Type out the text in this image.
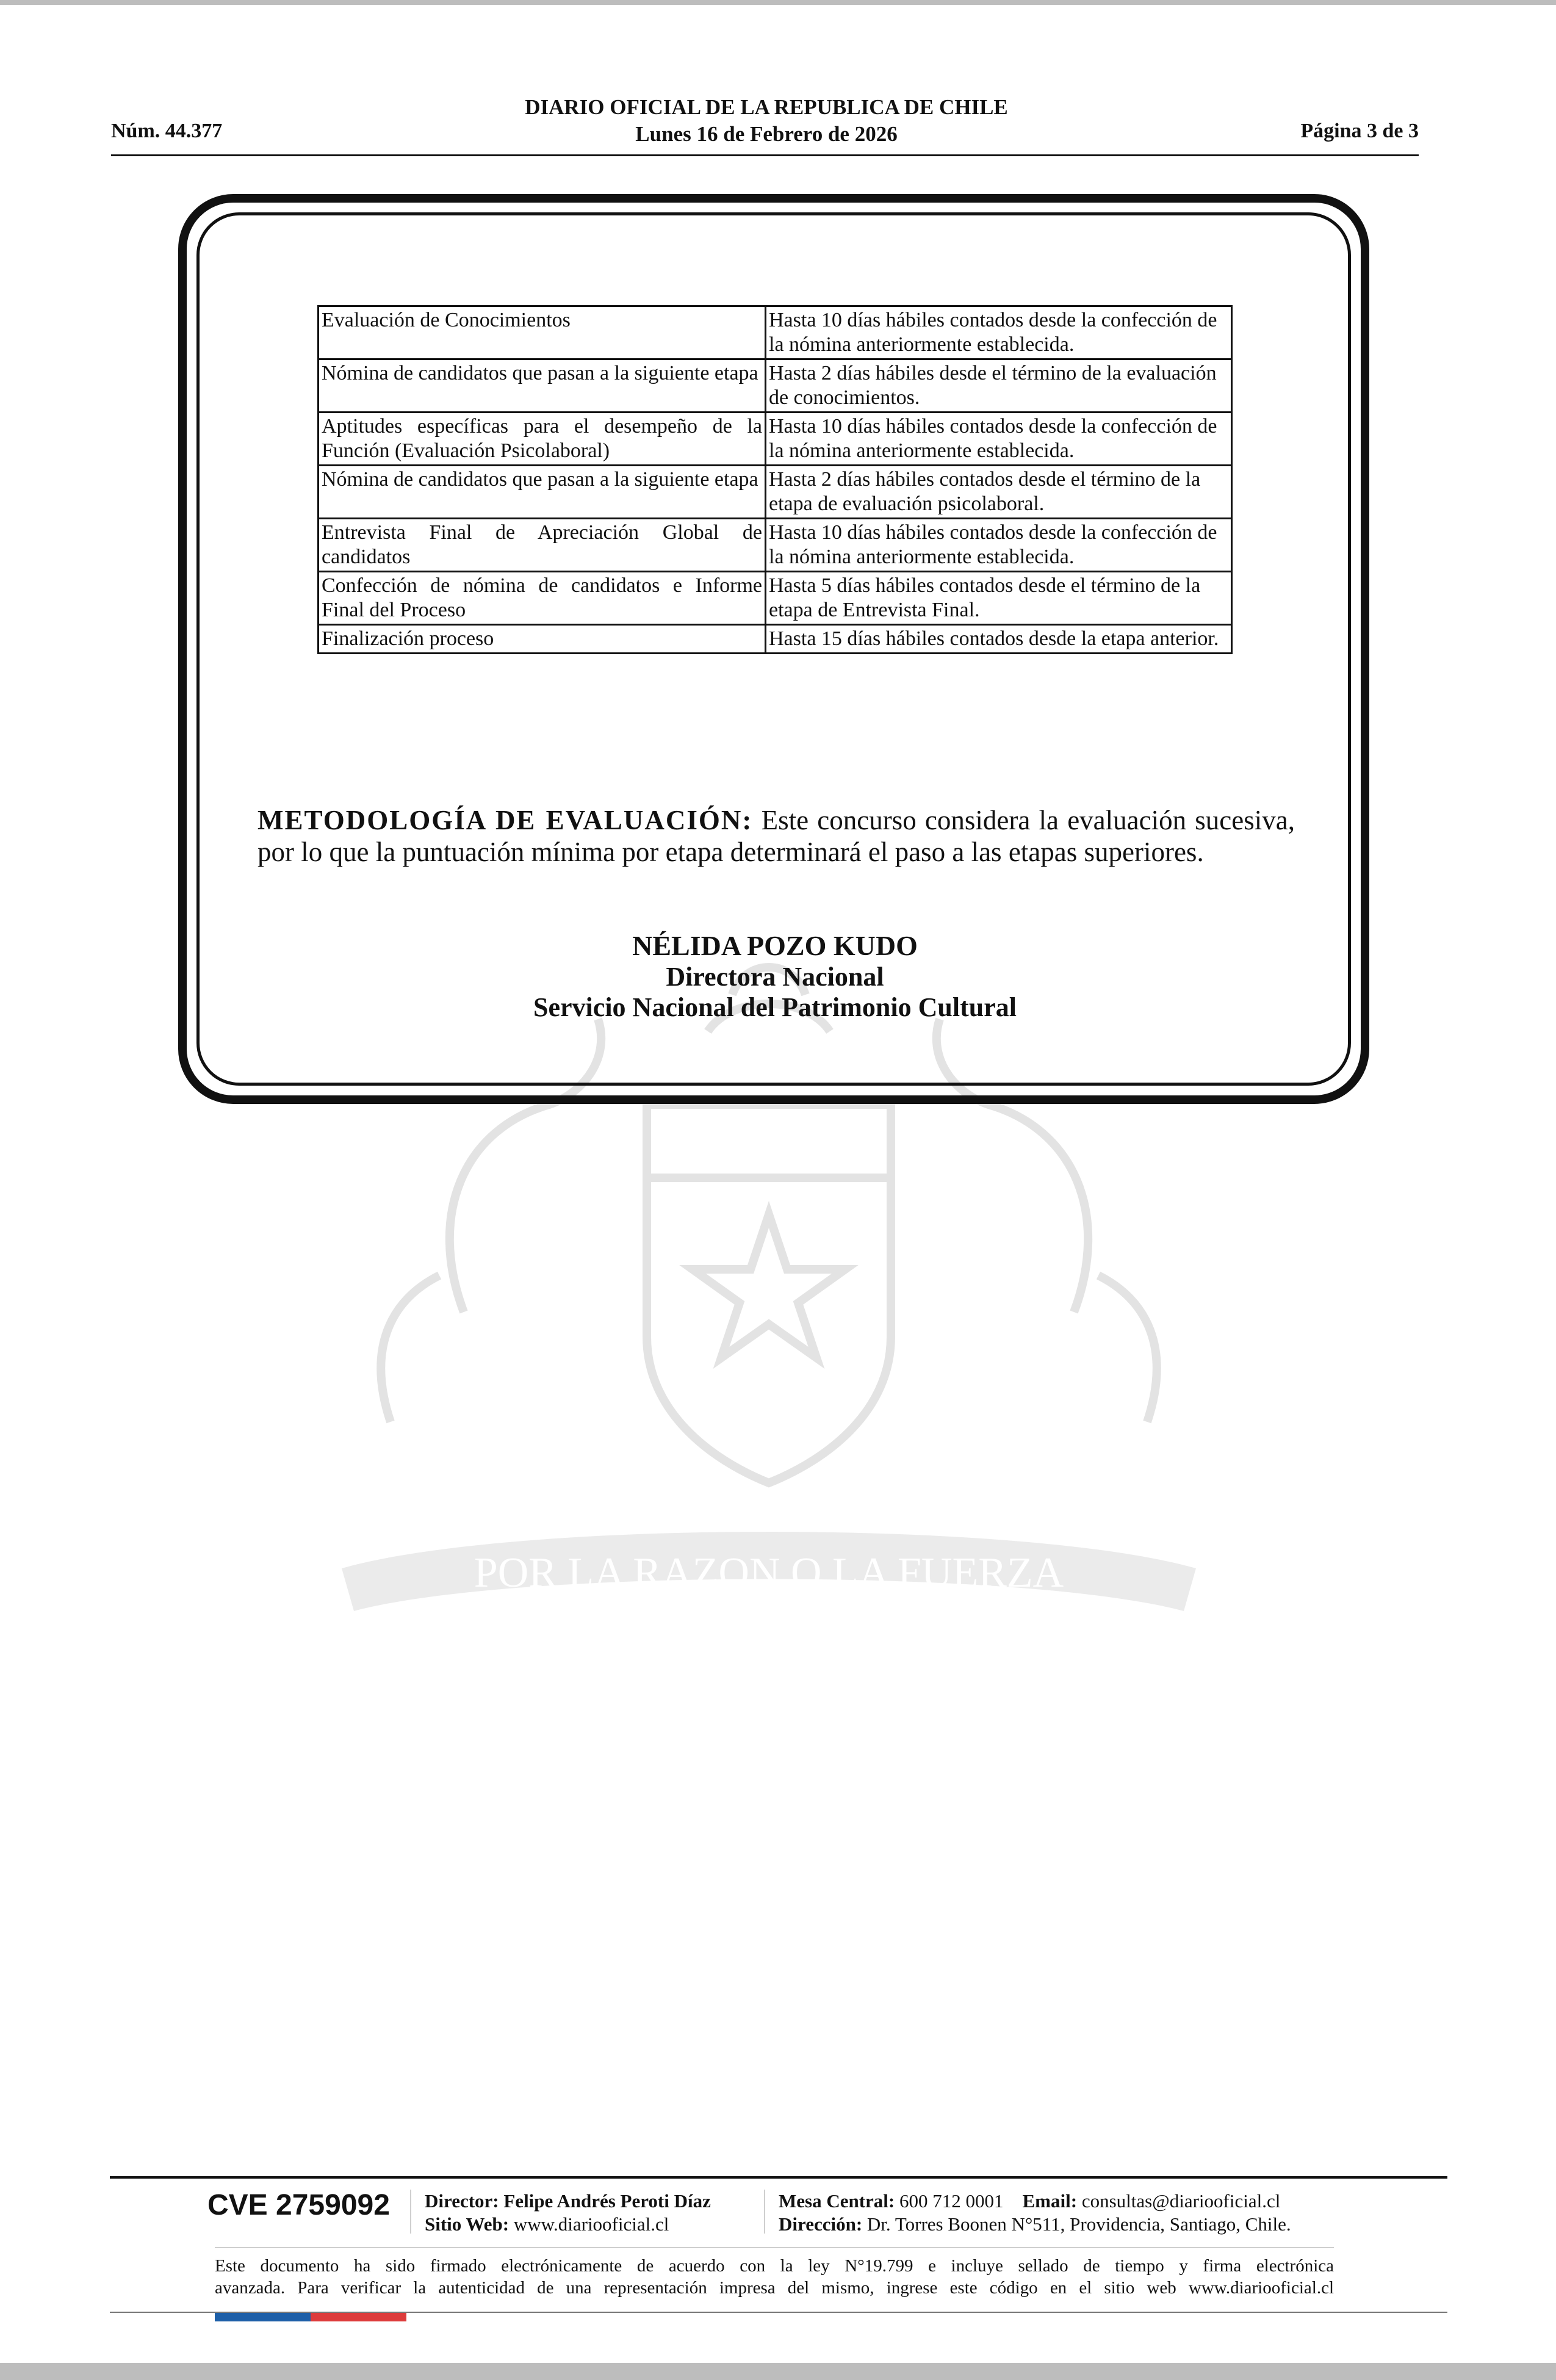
Núm. 44.377
DIARIO OFICIAL DE LA REPUBLICA DE CHILE
Lunes 16 de Febrero de 2026	Página 3 de 3
POR LA RAZON O LA FUERZA
Evaluación de Conocimientos	Hasta 10 días hábiles contados desde la confección de la nómina anteriormente establecida.
Nómina de candidatos que pasan a la siguiente etapa	Hasta 2 días hábiles desde el término de la evaluación de conocimientos.
Aptitudes específicas para el desempeño de la Función (Evaluación Psicolaboral)	Hasta 10 días hábiles contados desde la confección de la nómina anteriormente establecida.
Nómina de candidatos que pasan a la siguiente etapa	Hasta 2 días hábiles contados desde el término de la etapa de evaluación psicolaboral.
Entrevista Final de Apreciación Global de candidatos	Hasta 10 días hábiles contados desde la confección de la nómina anteriormente establecida.
Confección de nómina de candidatos e Informe Final del Proceso	Hasta 5 días hábiles contados desde el término de la etapa de Entrevista Final.
Finalización proceso	Hasta 15 días hábiles contados desde la etapa anterior.
METODOLOGÍA DE EVALUACIÓN: Este concurso considera la evaluación sucesiva, por lo que la puntuación mínima por etapa determinará el paso a las etapas superiores.
NÉLIDA POZO KUDO
Directora Nacional
Servicio Nacional del Patrimonio Cultural
CVE 2759092 Director: Felipe Andrés Peroti Díaz
Sitio Web: www.diariooficial.cl
Mesa Central: 600 712 0001 Email: consultas@diariooficial.cl
Dirección: Dr. Torres Boonen N°511, Providencia, Santiago, Chile.
Este documento ha sido firmado electrónicamente de acuerdo con la ley N°19.799 e incluye sellado de tiempo y firma electrónica
avanzada. Para verificar la autenticidad de una representación impresa del mismo, ingrese este código en el sitio web www.diariooficial.cl
